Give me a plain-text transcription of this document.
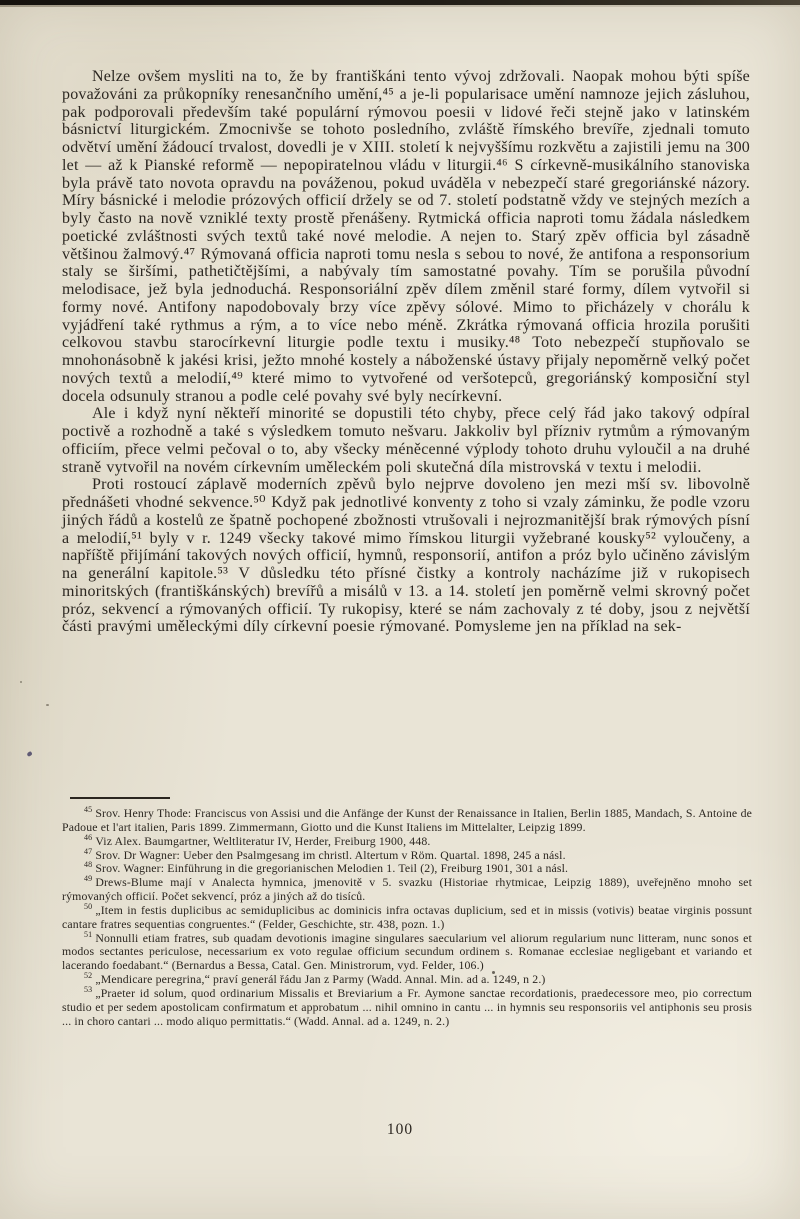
Nelze ovšem mysliti na to, že by františkáni tento vývoj zdržovali. Naopak mohou býti spíše považováni za průkopníky renesančního umění,⁴⁵ a je-li popularisace umění namnoze jejich zásluhou, pak podporovali především také populární rýmovou poesii v lidové řeči stejně jako v latinském básnictví liturgickém. Zmocnivše se tohoto posledního, zvláště římského brevíře, zjednali tomuto odvětví umění žádoucí trvalost, dovedli je v XIII. století k nejvyššímu rozkvětu a zajistili jemu na 300 let — až k Pianské reformě — nepopiratelnou vládu v liturgii.⁴⁶ S církevně-musikálního stanoviska byla právě tato novota opravdu na pováženou, pokud uváděla v nebezpečí staré gregoriánské názory. Míry básnické i melodie prózových officií držely se od 7. století podstatně vždy ve stejných mezích a byly často na nově vzniklé texty prostě přenášeny. Rytmická officia naproti tomu žádala následkem poetické zvláštnosti svých textů také nové melodie. A nejen to. Starý zpěv officia byl zásadně většinou žalmový.⁴⁷ Rýmovaná officia naproti tomu nesla s sebou to nové, že antifona a responsorium staly se širšími, pathetičtějšími, a nabývaly tím samostatné povahy. Tím se porušila původní melodisace, jež byla jednoduchá. Responsoriální zpěv dílem změnil staré formy, dílem vytvořil si formy nové. Antifony napodobovaly brzy více zpěvy sólové. Mimo to přicházely v chorálu k vyjádření také rythmus a rým, a to více nebo méně. Zkrátka rýmovaná officia hrozila porušiti celkovou stavbu starocírkevní liturgie podle textu i musiky.⁴⁸ Toto nebezpečí stupňovalo se mnohonásobně k jakési krisi, ježto mnohé kostely a náboženské ústavy přijaly nepoměrně velký počet nových textů a melodií,⁴⁹ které mimo to vytvořené od veršotepců, gregoriánský komposiční styl docela odsunuly stranou a podle celé povahy své byly necírkevní.

Ale i když nyní někteří minorité se dopustili této chyby, přece celý řád jako takový odpíral poctivě a rozhodně a také s výsledkem tomuto nešvaru. Jakkoliv byl přízniv rytmům a rýmovaným officiím, přece velmi pečoval o to, aby všecky méněcenné výplody tohoto druhu vyloučil a na druhé straně vytvořil na novém církevním uměleckém poli skutečná díla mistrovská v textu i melodii.

Proti rostoucí záplavě moderních zpěvů bylo nejprve dovoleno jen mezi mší sv. libovolně přednášeti vhodné sekvence.⁵⁰ Když pak jednotlivé konventy z toho si vzaly záminku, že podle vzoru jiných řádů a kostelů ze špatně pochopené zbožnosti vtrušovali i nejrozmanitější brak rýmových písní a melodií,⁵¹ byly v r. 1249 všecky takové mimo římskou liturgii vyžebrané kousky⁵² vyloučeny, a napříště přijímání takových nových officií, hymnů, responsorií, antifon a próz bylo učiněno závislým na generální kapitole.⁵³ V důsledku této přísné čistky a kontroly nacházíme již v rukopisech minoritských (františkánských) brevířů a misálů v 13. a 14. století jen poměrně velmi skrovný počet próz, sekvencí a rýmovaných officií. Ty rukopisy, které se nám zachovaly z té doby, jsou z největší části pravými uměleckými díly církevní poesie rýmované. Pomysleme jen na příklad na sek-

$^{45}$ Srov. Henry Thode: Franciscus von Assisi und die Anfänge der Kunst der Renaissance in Italien, Berlin 1885, Mandach, S. Antoine de Padoue et l'art italien, Paris 1899. Zimmermann, Giotto und die Kunst Italiens im Mittelalter, Leipzig 1899.

$^{46}$ Viz Alex. Baumgartner, Weltliteratur IV, Herder, Freiburg 1900, 448.

$^{47}$ Srov. Dr Wagner: Ueber den Psalmgesang im christl. Altertum v Röm. Quartal. 1898, 245 a násl.

$^{48}$ Srov. Wagner: Einführung in die gregorianischen Melodien 1. Teil (2), Freiburg 1901, 301 a násl.

$^{49}$ Drews-Blume mají v Analecta hymnica, jmenovitě v 5. svazku (Historiae rhytmicae, Leipzig 1889), uveřejněno mnoho set rýmovaných officií. Počet sekvencí, próz a jiných až do tisíců.

$^{50}$ „Item in festis duplicibus ac semiduplicibus ac dominicis infra octavas duplicium, sed et in missis (votivis) beatae virginis possunt cantare fratres sequentias congruentes.“ (Felder, Geschichte, str. 438, pozn. 1.)

$^{51}$ Nonnulli etiam fratres, sub quadam devotionis imagine singulares saecularium vel aliorum regularium nunc litteram, nunc sonos et modos sectantes periculose, necessarium ex voto regulae officium secundum ordinem s. Romanae ecclesiae negligebant et variando et lacerando foedabant.“ (Bernardus a Bessa, Catal. Gen. Ministrorum, vyd. Felder, 106.)

$^{52}$ „Mendicare peregrina,“ praví generál řádu Jan z Parmy (Wadd. Annal. Min. ad a. 1249, n 2.)

$^{53}$ „Praeter id solum, quod ordinarium Missalis et Breviarium a Fr. Aymone sanctae recordationis, praedecessore meo, pio correctum studio et per sedem apostolicam confirmatum et approbatum ... nihil omnino in cantu ... in hymnis seu responsoriis vel antiphonis seu prosis ... in choro cantari ... modo aliquo permittatis.“ (Wadd. Annal. ad a. 1249, n. 2.)

100
